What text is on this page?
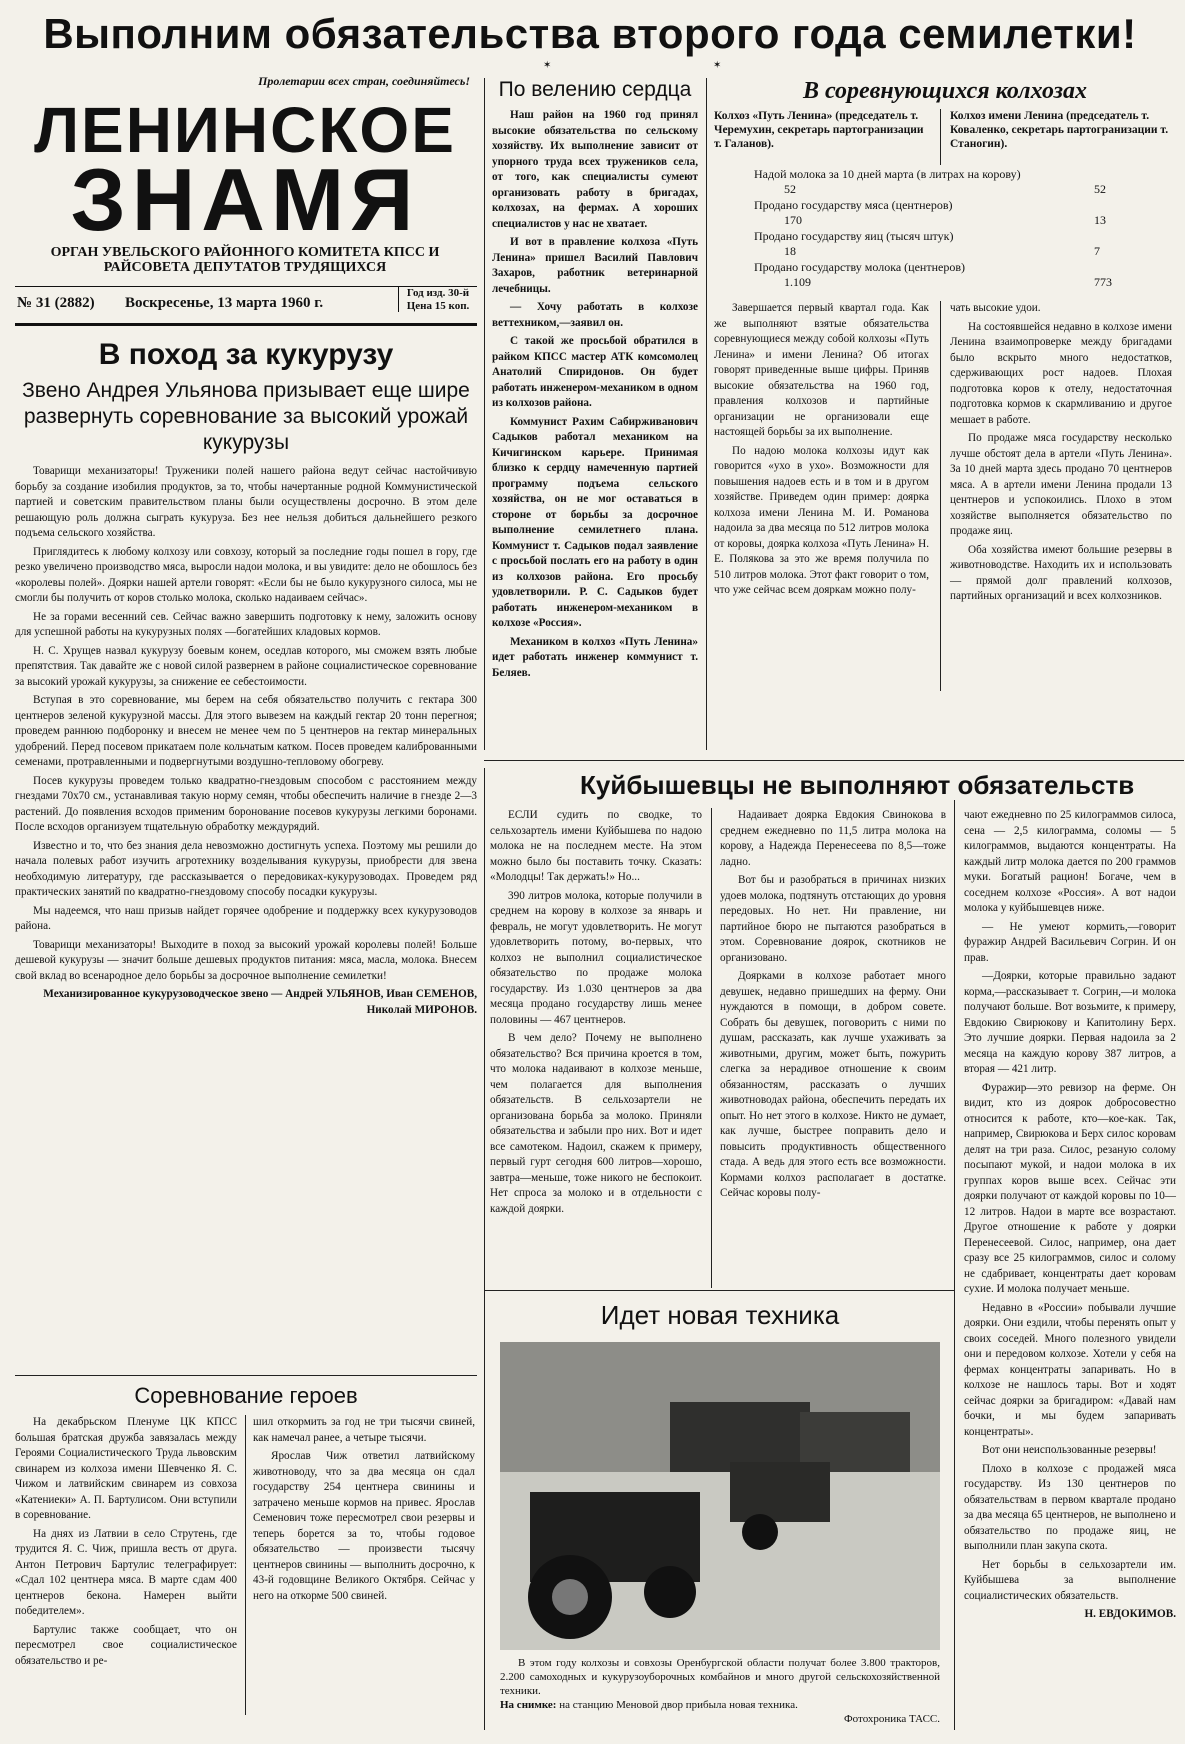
Выполним обязательства второго года семилетки!
✶	✶
Пролетарии всех стран, соединяйтесь!
ЛЕНИНСКОЕ
ЗНАМЯ
ОРГАН УВЕЛЬСКОГО РАЙОННОГО КОМИТЕТА КПСС И РАЙСОВЕТА ДЕПУТАТОВ ТРУДЯЩИХСЯ
№ 31 (2882) Воскресенье, 13 марта 1960 г.
Год изд. 30-й
Цена 15 коп.
По велению сердца

Наш район на 1960 год принял высокие обязательства по сельскому хозяйству. Их выполнение зависит от упорного труда всех тружеников села, от того, как специалисты сумеют организовать работу в бригадах, колхозах, на фермах. А хороших специалистов у нас не хватает.

И вот в правление колхоза «Путь Ленина» пришел Василий Павлович Захаров, работник ветеринарной лечебницы.

— Хочу работать в колхозе веттехником,—заявил он.

С такой же просьбой обратился в райком КПСС мастер АТК комсомолец Анатолий Спиридонов. Он будет работать инженером-механиком в одном из колхозов района.

Коммунист Рахим Сабирживанович Садыков работал механиком на Кичигинском карьере. Принимая близко к сердцу намеченную партией программу подъема сельского хозяйства, он не мог оставаться в стороне от борьбы за досрочное выполнение семилетнего плана. Коммунист т. Садыков подал заявление с просьбой послать его на работу в один из колхозов района. Его просьбу удовлетворили. Р. С. Садыков будет работать инженером-механиком в колхозе «Россия».

Механиком в колхоз «Путь Ленина» идет работать инженер коммунист т. Беляев.

В соревнующихся колхозах
Колхоз «Путь Ленина» (председатель т. Черемухин, секретарь партогранизации т. Галанов).
Колхоз имени Ленина (председатель т. Коваленко, секретарь партогранизации т. Станогин).
Надой молока за 10 дней марта (в литрах на корову)
52	52
Продано государству мяса (центнеров)
170	13
Продано государству яиц (тысяч штук)
18	7
Продано государству молока (центнеров)
1.109	773

Завершается первый квартал года. Как же выполняют взятые обязательства соревнующиеся между собой колхозы «Путь Ленина» и имени Ленина? Об итогах говорят приведенные выше цифры. Приняв высокие обязательства на 1960 год, правления колхозов и партийные организации не организовали еще настоящей борьбы за их выполнение.

По надою молока колхозы идут как говорится «ухо в ухо». Возможности для повышения надоев есть и в том и в другом хозяйстве. Приведем один пример: доярка колхоза имени Ленина М. И. Романова надоила за два месяца по 512 литров молока от коровы, доярка колхоза «Путь Ленина» Н. Е. Полякова за это же время получила по 510 литров молока. Этот факт говорит о том, что уже сейчас всем дояркам можно полу-

чать высокие удои.

На состоявшейся недавно в колхозе имени Ленина взаимопроверке между бригадами было вскрыто много недостатков, сдерживающих рост надоев. Плохая подготовка коров к отелу, недостаточная подготовка кормов к скармливанию и другое мешает в работе.

По продаже мяса государству несколько лучше обстоят дела в артели «Путь Ленина». За 10 дней марта здесь продано 70 центнеров мяса. А в артели имени Ленина продали 13 центнеров и успокоились. Плохо в этом хозяйстве выполняется обязательство по продаже яиц.

Оба хозяйства имеют большие резервы в животноводстве. Находить их и использовать — прямой долг правлений колхозов, партийных организаций и всех колхозников.

В поход за кукурузу
Звено Андрея Ульянова призывает еще шире развернуть соревнование за высокий урожай кукурузы

Товарищи механизаторы! Труженики полей нашего района ведут сейчас настойчивую борьбу за создание изобилия продуктов, за то, чтобы начертанные родной Коммунистической партией и советским правительством планы были осуществлены досрочно. В этом деле решающую роль должна сыграть кукуруза. Без нее нельзя добиться дальнейшего резкого подъема сельского хозяйства.

Приглядитесь к любому колхозу или совхозу, который за последние годы пошел в гору, где резко увеличено производство мяса, выросли надои молока, и вы увидите: дело не обошлось без «королевы полей». Доярки нашей артели говорят: «Если бы не было кукурузного силоса, мы не смогли бы получить от коров столько молока, сколько надаиваем сейчас».

Не за горами весенний сев. Сейчас важно завершить подготовку к нему, заложить основу для успешной работы на кукурузных полях —богатейших кладовых кормов.

Н. С. Хрущев назвал кукурузу боевым конем, оседлав которого, мы сможем взять любые препятствия. Так давайте же с новой силой развернем в районе социалистическое соревнование за высокий урожай кукурузы, за снижение ее себестоимости.

Вступая в это соревнование, мы берем на себя обязательство получить с гектара 300 центнеров зеленой кукурузной массы. Для этого вывезем на каждый гектар 20 тонн перегноя; проведем раннюю подборонку и внесем не менее чем по 5 центнеров на гектар минеральных удобрений. Перед посевом прикатаем поле кольчатым катком. Посев проведем калиброванными семенами, протравленными и подвергнутыми воздушно-тепловому обогреву.

Посев кукурузы проведем только квадратно-гнездовым способом с расстоянием между гнездами 70х70 см., устанавливая такую норму семян, чтобы обеспечить наличие в гнезде 2—3 растений. До появления всходов применим боронование посевов кукурузы легкими боронами. После всходов организуем тщательную обработку междурядий.

Известно и то, что без знания дела невозможно достигнуть успеха. Поэтому мы решили до начала полевых работ изучить агротехнику возделывания кукурузы, приобрести для звена необходимую литературу, где рассказывается о передовиках-кукурузоводах. Проведем ряд практических занятий по квадратно-гнездовому способу посадки кукурузы.

Мы надеемся, что наш призыв найдет горячее одобрение и поддержку всех кукурузоводов района.

Товарищи механизаторы! Выходите в поход за высокий урожай королевы полей! Больше дешевой кукурузы — значит больше дешевых продуктов питания: мяса, масла, молока. Внесем свой вклад во всенародное дело борьбы за досрочное выполнение семилетки!

Механизированное кукурузоводческое звено — Андрей УЛЬЯНОВ, Иван СЕМЕНОВ, Николай МИРОНОВ.

Соревнование героев

На декабрьском Пленуме ЦК КПСС большая братская дружба завязалась между Героями Социалистического Труда львовским свинарем из колхоза имени Шевченко Я. С. Чижом и латвийским свинарем из совхоза «Катениеки» А. П. Бартулисом. Они вступили в соревнование.

На днях из Латвии в село Струтень, где трудится Я. С. Чиж, пришла весть от друга. Антон Петрович Бартулис телеграфирует: «Сдал 102 центнера мяса. В марте сдам 400 центнеров бекона. Намерен выйти победителем».

Бартулис также сообщает, что он пересмотрел свое социалистическое обязательство и ре-

шил откормить за год не три тысячи свиней, как намечал ранее, а четыре тысячи.

Ярослав Чиж ответил латвийскому животноводу, что за два месяца он сдал государству 254 центнера свинины и затрачено меньше кормов на привес. Ярослав Семенович тоже пересмотрел свои резервы и теперь борется за то, чтобы годовое обязательство — произвести тысячу центнеров свинины — выполнить досрочно, к 43-й годовщине Великого Октября. Сейчас у него на откорме 500 свиней.

Куйбышевцы не выполняют обязательств

ЕСЛИ судить по сводке, то сельхозартель имени Куйбышева по надою молока не на последнем месте. На этом можно было бы поставить точку. Сказать: «Молодцы! Так держать!» Но...

390 литров молока, которые получили в среднем на корову в колхозе за январь и февраль, не могут удовлетворить. Не могут удовлетворить потому, во-первых, что колхоз не выполнил социалистическое обязательство по продаже молока государству. Из 1.030 центнеров за два месяца продано государству лишь менее половины — 467 центнеров.

В чем дело? Почему не выполнено обязательство? Вся причина кроется в том, что молока надаивают в колхозе меньше, чем полагается для выполнения обязательств. В сельхозартели не организована борьба за молоко. Приняли обязательства и забыли про них. Вот и идет все самотеком. Надоил, скажем к примеру, первый гурт сегодня 600 литров—хорошо, завтра—меньше, тоже никого не беспокоит. Нет спроса за молоко и в отдельности с каждой доярки.

Надаивает доярка Евдокия Свинокова в среднем ежедневно по 11,5 литра молока на корову, а Надежда Перенесеева по 8,5—тоже ладно.

Вот бы и разобраться в причинах низких удоев молока, подтянуть отстающих до уровня передовых. Но нет. Ни правление, ни партийное бюро не пытаются разобраться в этом. Соревнование доярок, скотников не организовано.

Доярками в колхозе работает много девушек, недавно пришедших на ферму. Они нуждаются в помощи, в добром совете. Собрать бы девушек, поговорить с ними по душам, рассказать, как лучше ухаживать за животными, другим, может быть, пожурить слегка за нерадивое отношение к своим обязанностям, рассказать о лучших животноводах района, обеспечить передать их опыт. Но нет этого в колхозе. Никто не думает, как лучше, быстрее поправить дело и повысить продуктивность общественного стада. А ведь для этого есть все возможности. Кормами колхоз располагает в достатке. Сейчас коровы полу-

чают ежедневно по 25 килограммов силоса, сена — 2,5 килограмма, соломы — 5 килограммов, выдаются концентраты. На каждый литр молока дается по 200 граммов муки. Богатый рацион! Богаче, чем в соседнем колхозе «Россия». А вот надои молока у куйбышевцев ниже.

— Не умеют кормить,—говорит фуражир Андрей Васильевич Согрин. И он прав.

—Доярки, которые правильно задают корма,—рассказывает т. Согрин,—и молока получают больше. Вот возьмите, к примеру, Евдокию Свирюкову и Капитолину Берх. Это лучшие доярки. Первая надоила за 2 месяца на каждую корову 387 литров, а вторая — 421 литр.

Фуражир—это ревизор на ферме. Он видит, кто из доярок добросовестно относится к работе, кто—кое-как. Так, например, Свирюкова и Берх силос коровам делят на три раза. Силос, резаную солому посыпают мукой, и надои молока в их группах коров выше всех. Сейчас эти доярки получают от каждой коровы по 10—12 литров. Надои в марте все возрастают. Другое отношение к работе у доярки Перенесеевой. Силос, например, она дает сразу все 25 килограммов, силос и солому не сдабривает, концентраты дает коровам сухие. И молока получает меньше.

Недавно в «России» побывали лучшие доярки. Они ездили, чтобы перенять опыт у своих соседей. Много полезного увидели они и передовом колхозе. Хотели у себя на фермах концентраты запаривать. Но в колхозе не нашлось тары. Вот и ходят сейчас доярки за бригадиром: «Давай нам бочки, и мы будем запаривать концентраты».

Вот они неиспользованные резервы!

Плохо в колхозе с продажей мяса государству. Из 130 центнеров по обязательствам в первом квартале продано за два месяца 65 центнеров, не выполнено и обязательство по продаже яиц, не выполнили план закупа скота.

Нет борьбы в сельхозартели им. Куйбышева за выполнение социалистических обязательств.

Н. ЕВДОКИМОВ.

Идет новая техника
В этом году колхозы и совхозы Оренбургской области получат более 3.800 тракторов, 2.200 самоходных и кукурузоуборочных комбайнов и много другой сельскохозяйственной техники.
На снимке: на станцию Меновой двор прибыла новая техника.
Фотохроника ТАСС.
